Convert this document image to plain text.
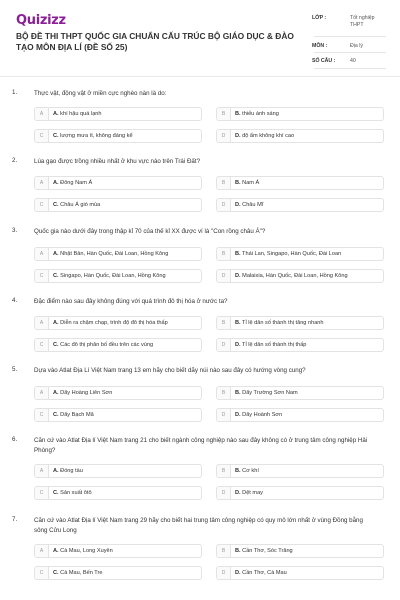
Quizizz
BỘ ĐỀ THI THPT QUỐC GIA CHUẨN CẤU TRÚC BỘ GIÁO DỤC & ĐÀO TẠO MÔN ĐỊA LÍ (ĐỀ SỐ 25)
LỚP :	Tốt nghiệp THPT
MÔN :	Địa lý
SỐ CÂU :	40
1.	Thực vật, động vật ở miền cực nghèo nàn là do:
A	A. khí hậu quá lạnh	B	B. thiếu ánh sáng
C	C. lượng mưa ít, không đáng kể	D	D. độ ẩm không khí cao
2.	Lúa gạo được trồng nhiều nhất ở khu vực nào trên Trái Đất?
A	A. Đông Nam Á	B	B. Nam Á
C	C. Châu Á gió mùa	D	D. Châu Mĩ
3.	Quốc gia nào dưới đây trong thập kỉ 70 của thế kỉ XX được ví là "Con rồng châu Á"?
A	A. Nhật Bản, Hàn Quốc, Đài Loan, Hồng Kông	B	B. Thái Lan, Singapo, Hàn Quốc, Đài Loan
C	C. Singapo, Hàn Quốc, Đài Loan, Hồng Kông	D	D. Malaixia, Hàn Quốc, Đài Loan, Hồng Kông
4.	Đặc điểm nào sau đây không đúng với quá trình đô thị hóa ở nước ta?
A	A. Diễn ra chậm chạp, trình độ đô thị hóa thấp	B	B. Tỉ lệ dân số thành thị tăng nhanh
C	C. Các đô thị phân bố đều trên các vùng	D	D. Tỉ lệ dân số thành thị thấp
5.	Dựa vào Atlat Địa Lí Việt Nam trang 13 em hãy cho biết dãy núi nào sau đây có hướng vòng cung?
A	A. Dãy Hoàng Liên Sơn	B	B. Dãy Trường Sơn Nam
C	C. Dãy Bạch Mã	D	D. Dãy Hoành Sơn
6.	Căn cứ vào Atlat Địa lí Việt Nam trang 21 cho biết ngành công nghiệp nào sau đây không có ở trung tâm công nghiệp Hải Phòng?
A	A. Đóng tàu	B	B. Cơ khí
C	C. Sản xuất ôtô	D	D. Dệt may
7.	Căn cứ vào Atlat Địa lí Việt Nam trang 29 hãy cho biết hai trung tâm công nghiệp có quy mô lớn nhất ở vùng Đồng bằng sông Cửu Long
A	A. Cà Mau, Long Xuyên	B	B. Cần Thơ, Sóc Trăng
C	C. Cà Mau, Bến Tre	D	D. Cần Thơ, Cà Mau
